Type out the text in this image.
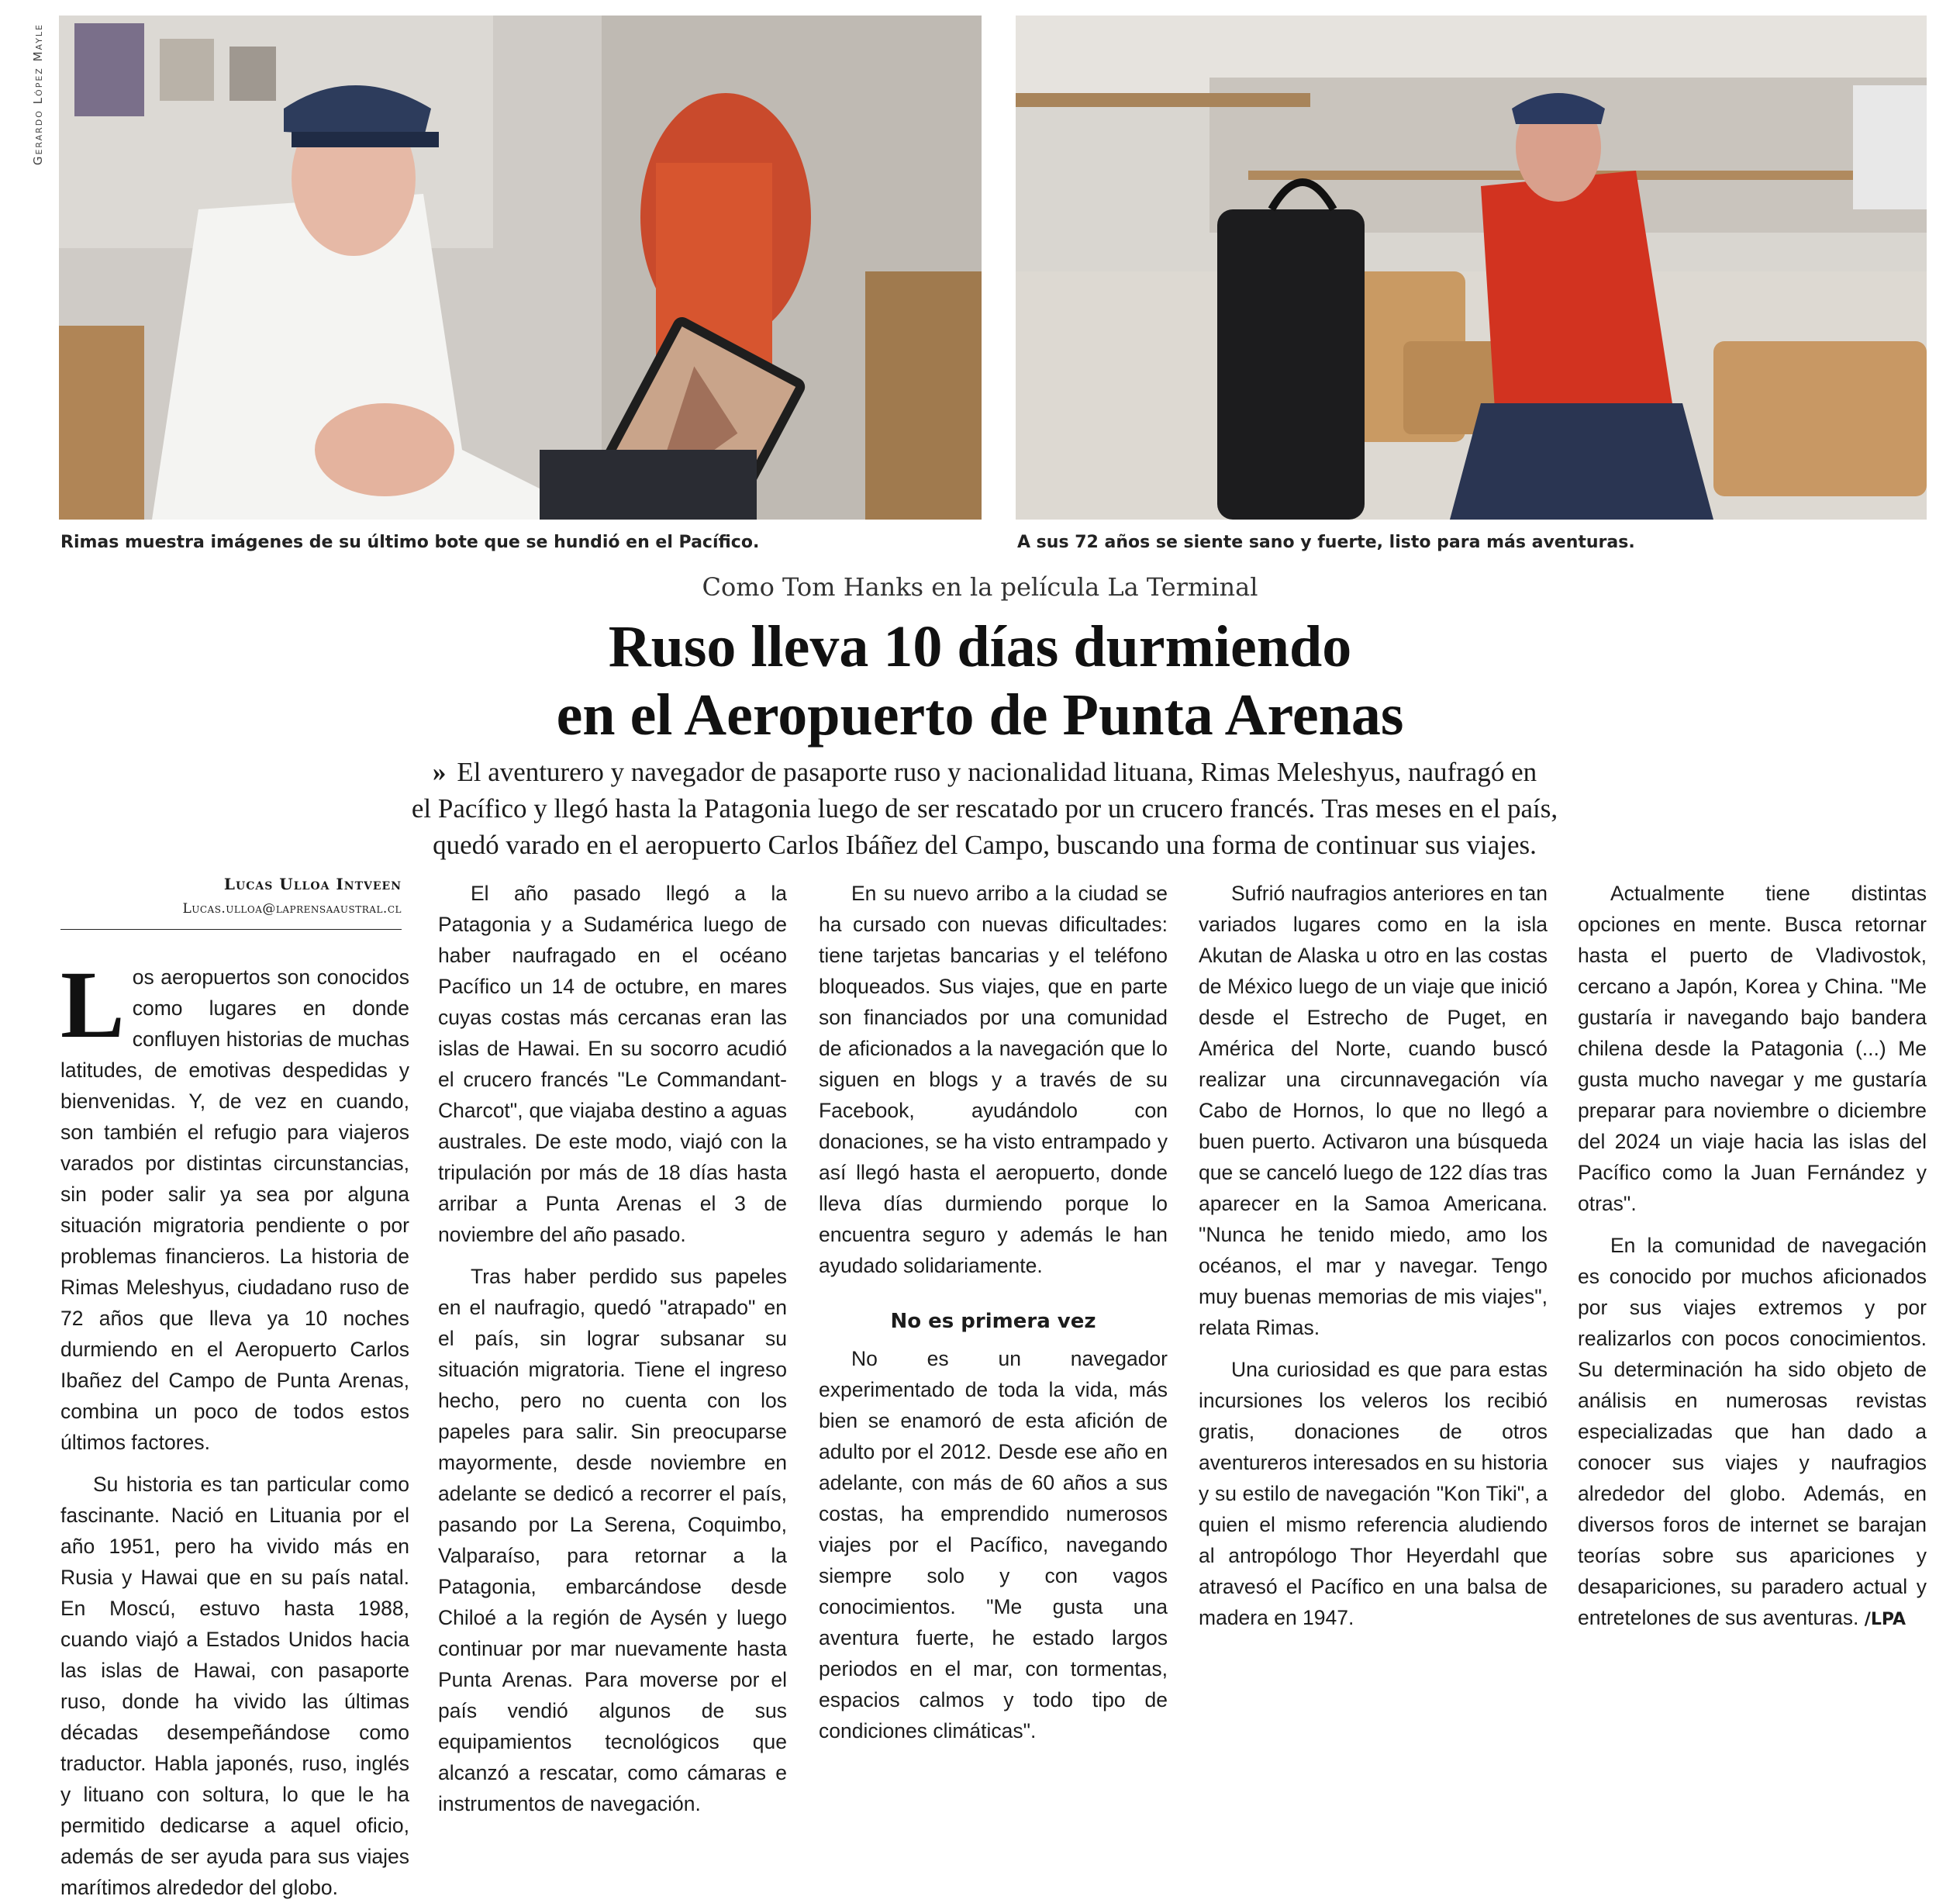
Gerardo López Mayle
Rimas muestra imágenes de su último bote que se hundió en el Pacífico.	A sus 72 años se siente sano y fuerte, listo para más aventuras.
Como Tom Hanks en la película La Terminal
Ruso lleva 10 días durmiendo
en el Aeropuerto de Punta Arenas
» El aventurero y navegador de pasaporte ruso y nacionalidad lituana, Rimas Meleshyus, naufragó en
el Pacífico y llegó hasta la Patagonia luego de ser rescatado por un crucero francés. Tras meses en el país,
quedó varado en el aeropuerto Carlos Ibáñez del Campo, buscando una forma de continuar sus viajes.
Lucas Ulloa Intveen
Lucas.ulloa@laprensaaustral.cl

Los aeropuertos son conocidos como lugares en donde confluyen historias de muchas latitudes, de emotivas despedidas y bienvenidas. Y, de vez en cuando, son también el refugio para viajeros varados por distintas circunstancias, sin poder salir ya sea por alguna situación migratoria pendiente o por problemas financieros. La historia de Rimas Meleshyus, ciudadano ruso de 72 años que lleva ya 10 noches durmiendo en el Aeropuerto Carlos Ibañez del Campo de Punta Arenas, combina un poco de todos estos últimos factores.

Su historia es tan particular como fascinante. Nació en Lituania por el año 1951, pero ha vivido más en Rusia y Hawai que en su país natal. En Moscú, estuvo hasta 1988, cuando viajó a Estados Unidos hacia las islas de Hawai, con pasaporte ruso, donde ha vivido las últimas décadas desempeñándose como traductor. Habla japonés, ruso, inglés y lituano con soltura, lo que le ha permitido dedicarse a aquel oficio, además de ser ayuda para sus viajes marítimos alrededor del globo.

El año pasado llegó a la Patagonia y a Sudamérica luego de haber naufragado en el océano Pacífico un 14 de octubre, en mares cuyas costas más cercanas eran las islas de Hawai. En su socorro acudió el crucero francés "Le Commandant-Charcot", que viajaba destino a aguas australes. De este modo, viajó con la tripulación por más de 18 días hasta arribar a Punta Arenas el 3 de noviembre del año pasado.

Tras haber perdido sus papeles en el naufragio, quedó "atrapado" en el país, sin lograr subsanar su situación migratoria. Tiene el ingreso hecho, pero no cuenta con los papeles para salir. Sin preocuparse mayormente, desde noviembre en adelante se dedicó a recorrer el país, pasando por La Serena, Coquimbo, Valparaíso, para retornar a la Patagonia, embarcándose desde Chiloé a la región de Aysén y luego continuar por mar nuevamente hasta Punta Arenas. Para moverse por el país vendió algunos de sus equipamientos tecnológicos que alcanzó a rescatar, como cámaras e instrumentos de navegación.

En su nuevo arribo a la ciudad se ha cursado con nuevas dificultades: tiene tarjetas bancarias y el teléfono bloqueados. Sus viajes, que en parte son financiados por una comunidad de aficionados a la navegación que lo siguen en blogs y a través de su Facebook, ayudándolo con donaciones, se ha visto entrampado y así llegó hasta el aeropuerto, donde lleva días durmiendo porque lo encuentra seguro y además le han ayudado solidariamente.

No es primera vez

No es un navegador experimentado de toda la vida, más bien se enamoró de esta afición de adulto por el 2012. Desde ese año en adelante, con más de 60 años a sus costas, ha emprendido numerosos viajes por el Pacífico, navegando siempre solo y con vagos conocimientos. "Me gusta una aventura fuerte, he estado largos periodos en el mar, con tormentas, espacios calmos y todo tipo de condiciones climáticas".

Sufrió naufragios anteriores en tan variados lugares como en la isla Akutan de Alaska u otro en las costas de México luego de un viaje que inició desde el Estrecho de Puget, en América del Norte, cuando buscó realizar una circunnavegación vía Cabo de Hornos, lo que no llegó a buen puerto. Activaron una búsqueda que se canceló luego de 122 días tras aparecer en la Samoa Americana. "Nunca he tenido miedo, amo los océanos, el mar y navegar. Tengo muy buenas memorias de mis viajes", relata Rimas.

Una curiosidad es que para estas incursiones los veleros los recibió gratis, donaciones de otros aventureros interesados en su historia y su estilo de navegación "Kon Tiki", a quien el mismo referencia aludiendo al antropólogo Thor Heyerdahl que atravesó el Pacífico en una balsa de madera en 1947.

Actualmente tiene distintas opciones en mente. Busca retornar hasta el puerto de Vladivostok, cercano a Japón, Korea y China. "Me gustaría ir navegando bajo bandera chilena desde la Patagonia (...) Me gusta mucho navegar y me gustaría preparar para noviembre o diciembre del 2024 un viaje hacia las islas del Pacífico como la Juan Fernández y otras".

En la comunidad de navegación es conocido por muchos aficionados por sus viajes extremos y por realizarlos con pocos conocimientos. Su determinación ha sido objeto de análisis en numerosas revistas especializadas que han dado a conocer sus viajes y naufragios alrededor del globo. Además, en diversos foros de internet se barajan teorías sobre sus apariciones y desapariciones, su paradero actual y entretelones de sus aventuras. /LPA
